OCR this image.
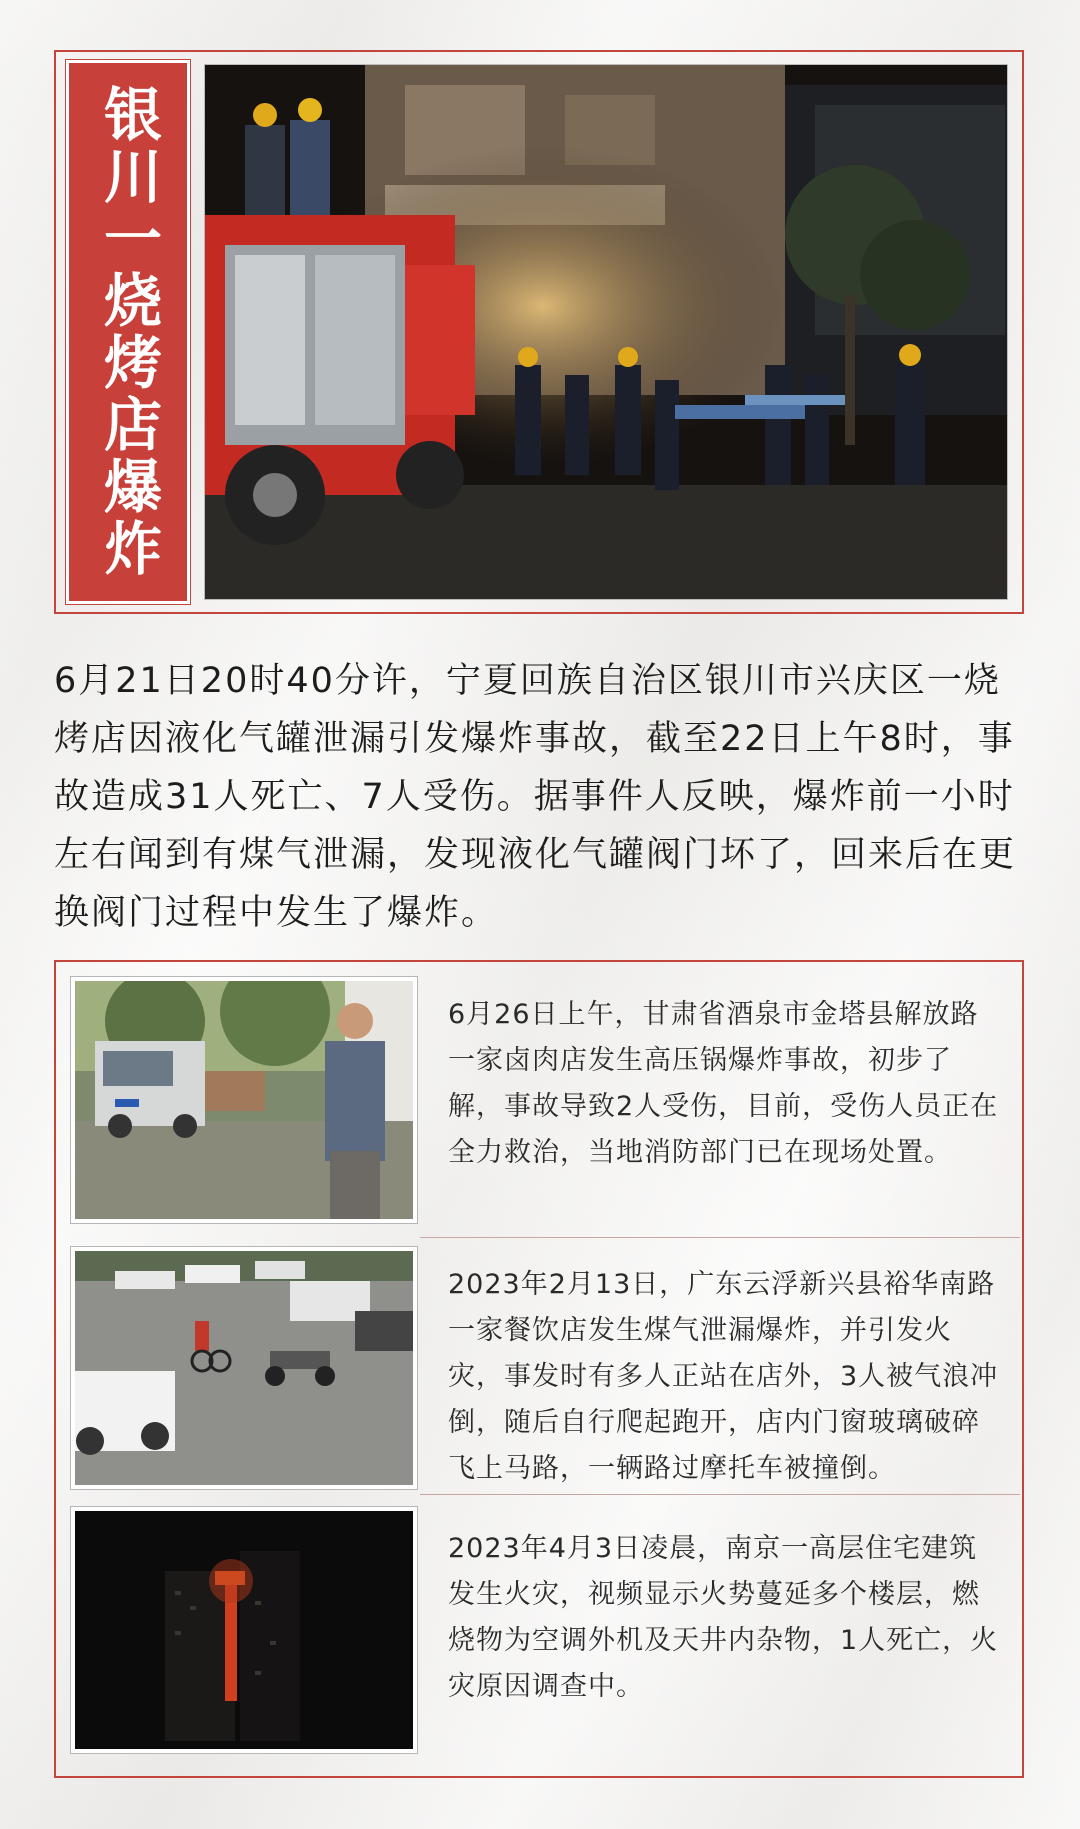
银川一烧烤店爆炸
6月21日20时40分许，宁夏回族自治区银川市兴庆区一烧烤店因液化气罐泄漏引发爆炸事故，截至22日上午8时，事故造成31人死亡、7人受伤。据事件人反映，爆炸前一小时左右闻到有煤气泄漏，发现液化气罐阀门坏了，回来后在更换阀门过程中发生了爆炸。
6月26日上午，甘肃省酒泉市金塔县解放路一家卤肉店发生高压锅爆炸事故，初步了解，事故导致2人受伤，目前，受伤人员正在全力救治，当地消防部门已在现场处置。
2023年2月13日，广东云浮新兴县裕华南路一家餐饮店发生煤气泄漏爆炸，并引发火灾，事发时有多人正站在店外，3人被气浪冲倒，随后自行爬起跑开，店内门窗玻璃破碎飞上马路，一辆路过摩托车被撞倒。
2023年4月3日凌晨，南京一高层住宅建筑发生火灾，视频显示火势蔓延多个楼层，燃烧物为空调外机及天井内杂物，1人死亡，火灾原因调查中。
